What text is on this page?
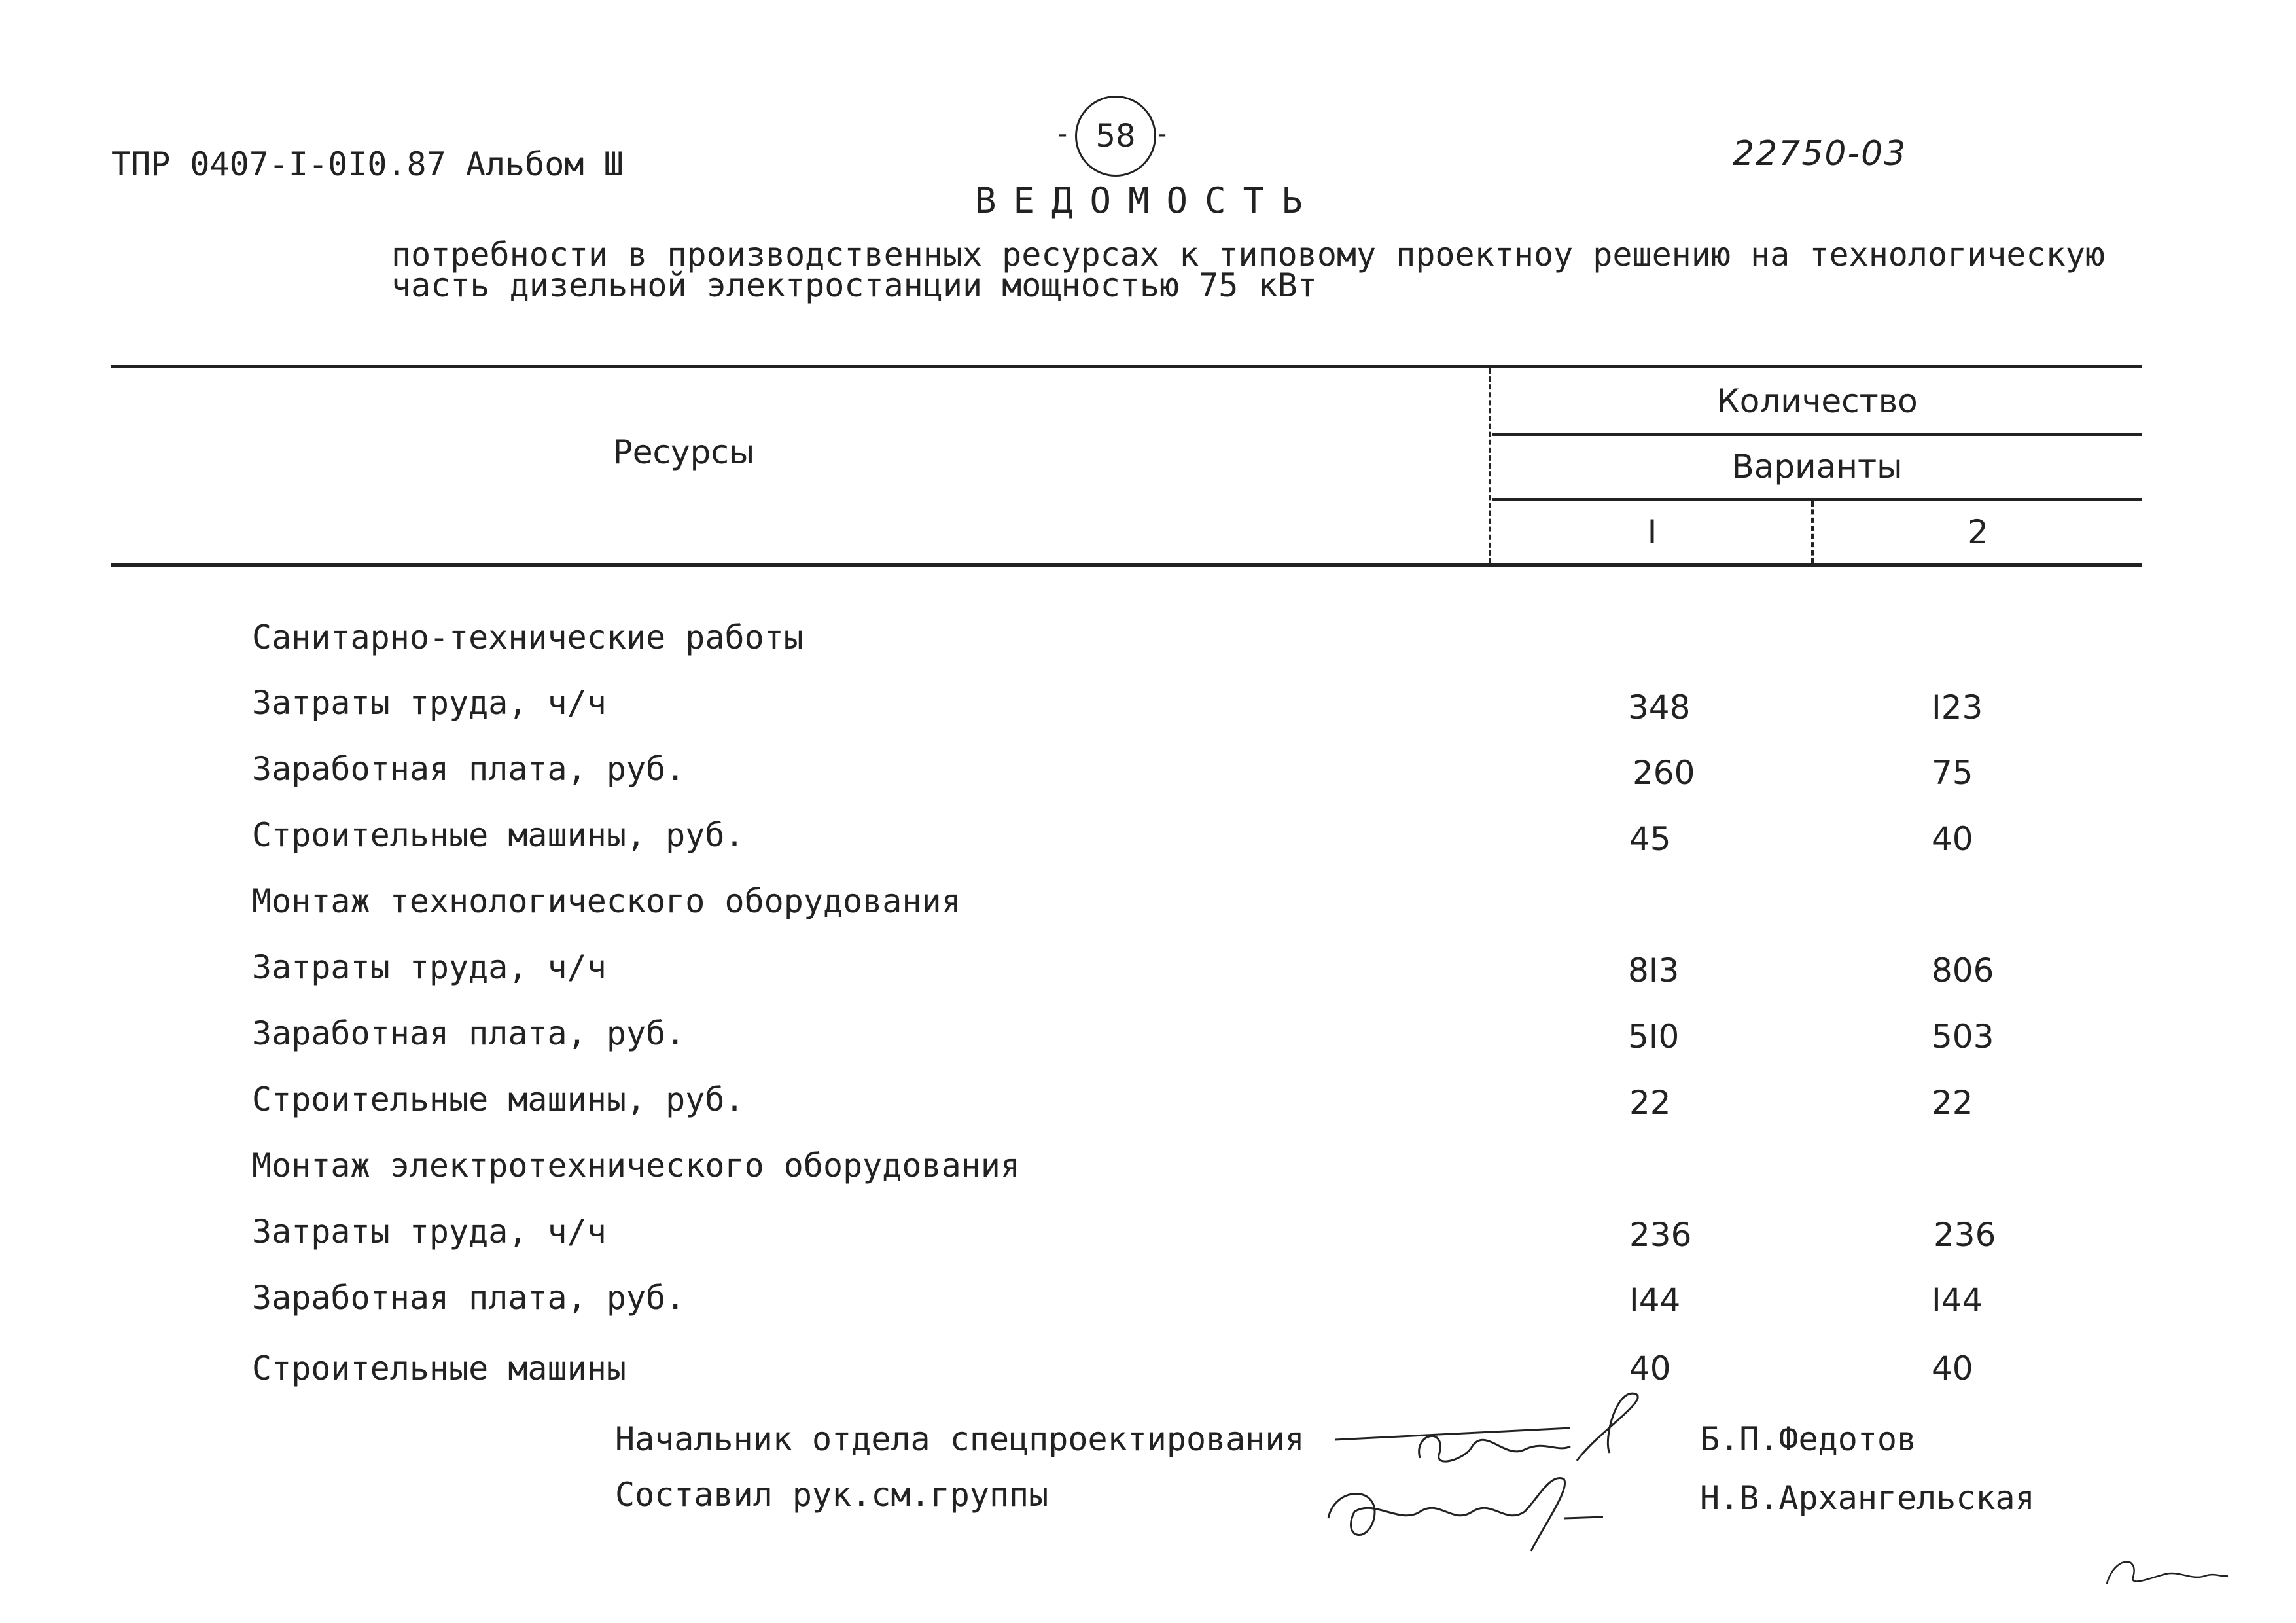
ТПР 0407-I-0I0.87 Альбом Ш
- 58 -	22750-03
ВЕДОМОСТЬ
потребности в производственных ресурсах к типовому проектноу решению на технологическую
часть дизельной электростанции мощностью 75 кВт
Ресурсы
Количество
Варианты
I	2
Санитарно-технические работы
Затраты труда, ч/ч	348	I23
Заработная плата, руб.	260	75
Строительные машины, руб.	45	40
Монтаж технологического оборудования
Затраты труда, ч/ч	8I3	806
Заработная плата, руб.	5I0	503
Строительные машины, руб.	22	22
Монтаж электротехнического оборудования
Затраты труда, ч/ч	236	236
Заработная плата, руб.	I44	I44
Строительные машины	40	40
Начальник отдела спецпроектирования	Б.П.Федотов
Составил рук.см.группы	Н.В.Архангельская
